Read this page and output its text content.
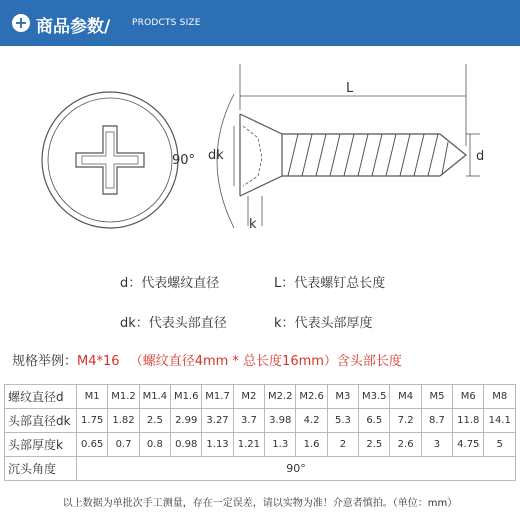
+ 商品参数/ PRODCTS SIZE
90° dk
k
L
d
d：代表螺纹直径	L：代表螺钉总长度
dk：代表头部直径	k：代表头部厚度
规格举例：M4*16 （螺纹直径4mm * 总长度16mm）含头部长度
螺纹直径d	M1	M1.2	M1.4	M1.6	M1.7	M2	M2.2	M2.6	M3	M3.5	M4	M5	M6	M8
头部直径dk	1.75	1.82	2.5	2.99	3.27	3.7	3.98	4.2	5.3	6.5	7.2	8.7	11.8	14.1
头部厚度k	0.65	0.7	0.8	0.98	1.13	1.21	1.3	1.6	2	2.5	2.6	3	4.75	5
沉头角度	90°													
以上数据为单批次手工测量，存在一定误差，请以实物为准！介意者慎拍。（单位：mm）
